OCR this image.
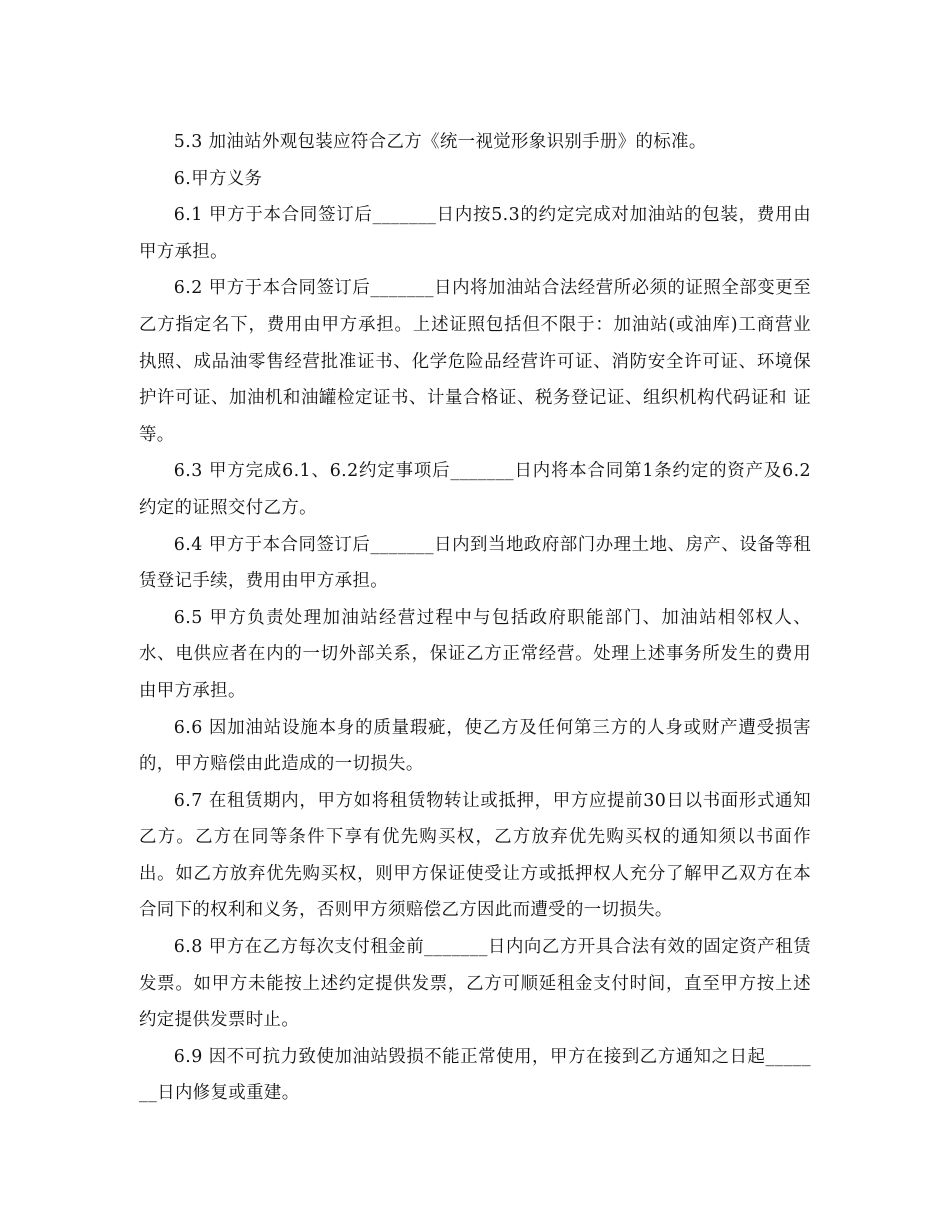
5.3 加油站外观包装应符合乙方《统一视觉形象识别手册》的标准。

6.甲方义务

6.1 甲方于本合同签订后_______日内按5.3的约定完成对加油站的包装，费用由甲方承担。

6.2 甲方于本合同签订后_______日内将加油站合法经营所必须的证照全部变更至乙方指定名下，费用由甲方承担。上述证照包括但不限于：加油站(或油库)工商营业执照、成品油零售经营批准证书、化学危险品经营许可证、消防安全许可证、环境保护许可证、加油机和油罐检定证书、计量合格证、税务登记证、组织机构代码证和 证等。

6.3 甲方完成6.1、6.2约定事项后_______日内将本合同第1条约定的资产及6.2约定的证照交付乙方。

6.4 甲方于本合同签订后_______日内到当地政府部门办理土地、房产、设备等租赁登记手续，费用由甲方承担。

6.5 甲方负责处理加油站经营过程中与包括政府职能部门、加油站相邻权人、水、电供应者在内的一切外部关系，保证乙方正常经营。处理上述事务所发生的费用由甲方承担。

6.6 因加油站设施本身的质量瑕疵，使乙方及任何第三方的人身或财产遭受损害的，甲方赔偿由此造成的一切损失。

6.7 在租赁期内，甲方如将租赁物转让或抵押，甲方应提前30日以书面形式通知乙方。乙方在同等条件下享有优先购买权，乙方放弃优先购买权的通知须以书面作出。如乙方放弃优先购买权，则甲方保证使受让方或抵押权人充分了解甲乙双方在本合同下的权利和义务，否则甲方须赔偿乙方因此而遭受的一切损失。

6.8 甲方在乙方每次支付租金前_______日内向乙方开具合法有效的固定资产租赁发票。如甲方未能按上述约定提供发票，乙方可顺延租金支付时间，直至甲方按上述约定提供发票时止。

6.9 因不可抗力致使加油站毁损不能正常使用，甲方在接到乙方通知之日起_______日内修复或重建。
